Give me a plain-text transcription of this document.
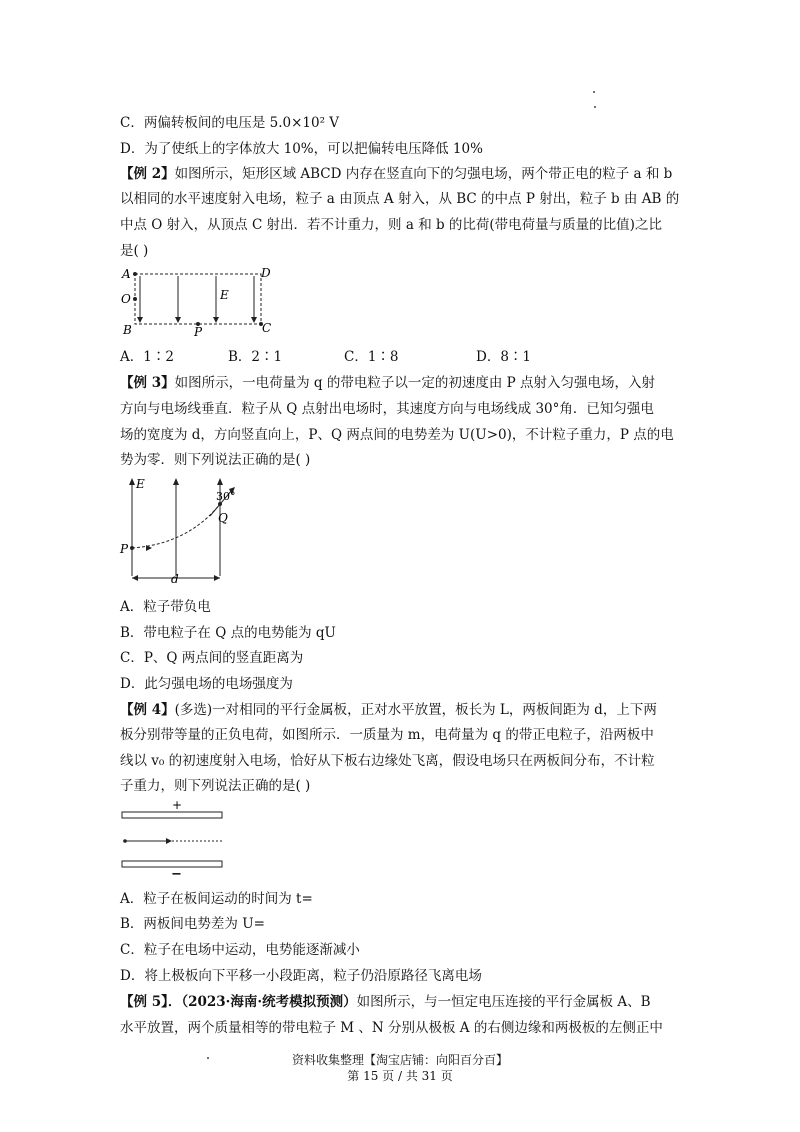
C．两偏转板间的电压是 5.0×10² V
D．为了使纸上的字体放大 10%，可以把偏转电压降低 10%
【例 2】如图所示，矩形区域 ABCD 内存在竖直向下的匀强电场，两个带正电的粒子 a 和 b
以相同的水平速度射入电场，粒子 a 由顶点 A 射入，从 BC 的中点 P 射出，粒子 b 由 AB 的
中点 O 射入，从顶点 C 射出．若不计重力，则 a 和 b 的比荷(带电荷量与质量的比值)之比
是( )
A	D
O	E
B	P	C
A．1∶2	B．2∶1	C．1∶8	D．8∶1
【例 3】如图所示，一电荷量为 q 的带电粒子以一定的初速度由 P 点射入匀强电场，入射
方向与电场线垂直．粒子从 Q 点射出电场时，其速度方向与电场线成 30°角．已知匀强电
场的宽度为 d，方向竖直向上，P、Q 两点间的电势差为 U(U>0)，不计粒子重力，P 点的电
势为零．则下列说法正确的是( )
E
30°
Q
P
d
A．粒子带负电
B．带电粒子在 Q 点的电势能为 qU
C．P、Q 两点间的竖直距离为
D．此匀强电场的电场强度为
【例 4】(多选)一对相同的平行金属板，正对水平放置，板长为 L，两板间距为 d，上下两
板分别带等量的正负电荷，如图所示．一质量为 m，电荷量为 q 的带正电粒子，沿两板中
线以 v₀ 的初速度射入电场，恰好从下板右边缘处飞离，假设电场只在两板间分布，不计粒
子重力，则下列说法正确的是( )
+
−
A．粒子在板间运动的时间为 t=
B．两板间电势差为 U=
C．粒子在电场中运动，电势能逐渐减小
D．将上极板向下平移一小段距离，粒子仍沿原路径飞离电场
【例 5】．（2023·海南·统考模拟预测）如图所示，与一恒定电压连接的平行金属板 A、B
水平放置，两个质量相等的带电粒子 M 、N 分别从极板 A 的右侧边缘和两极板的左侧正中
资料收集整理【淘宝店铺：向阳百分百】
第 15 页 / 共 31 页
